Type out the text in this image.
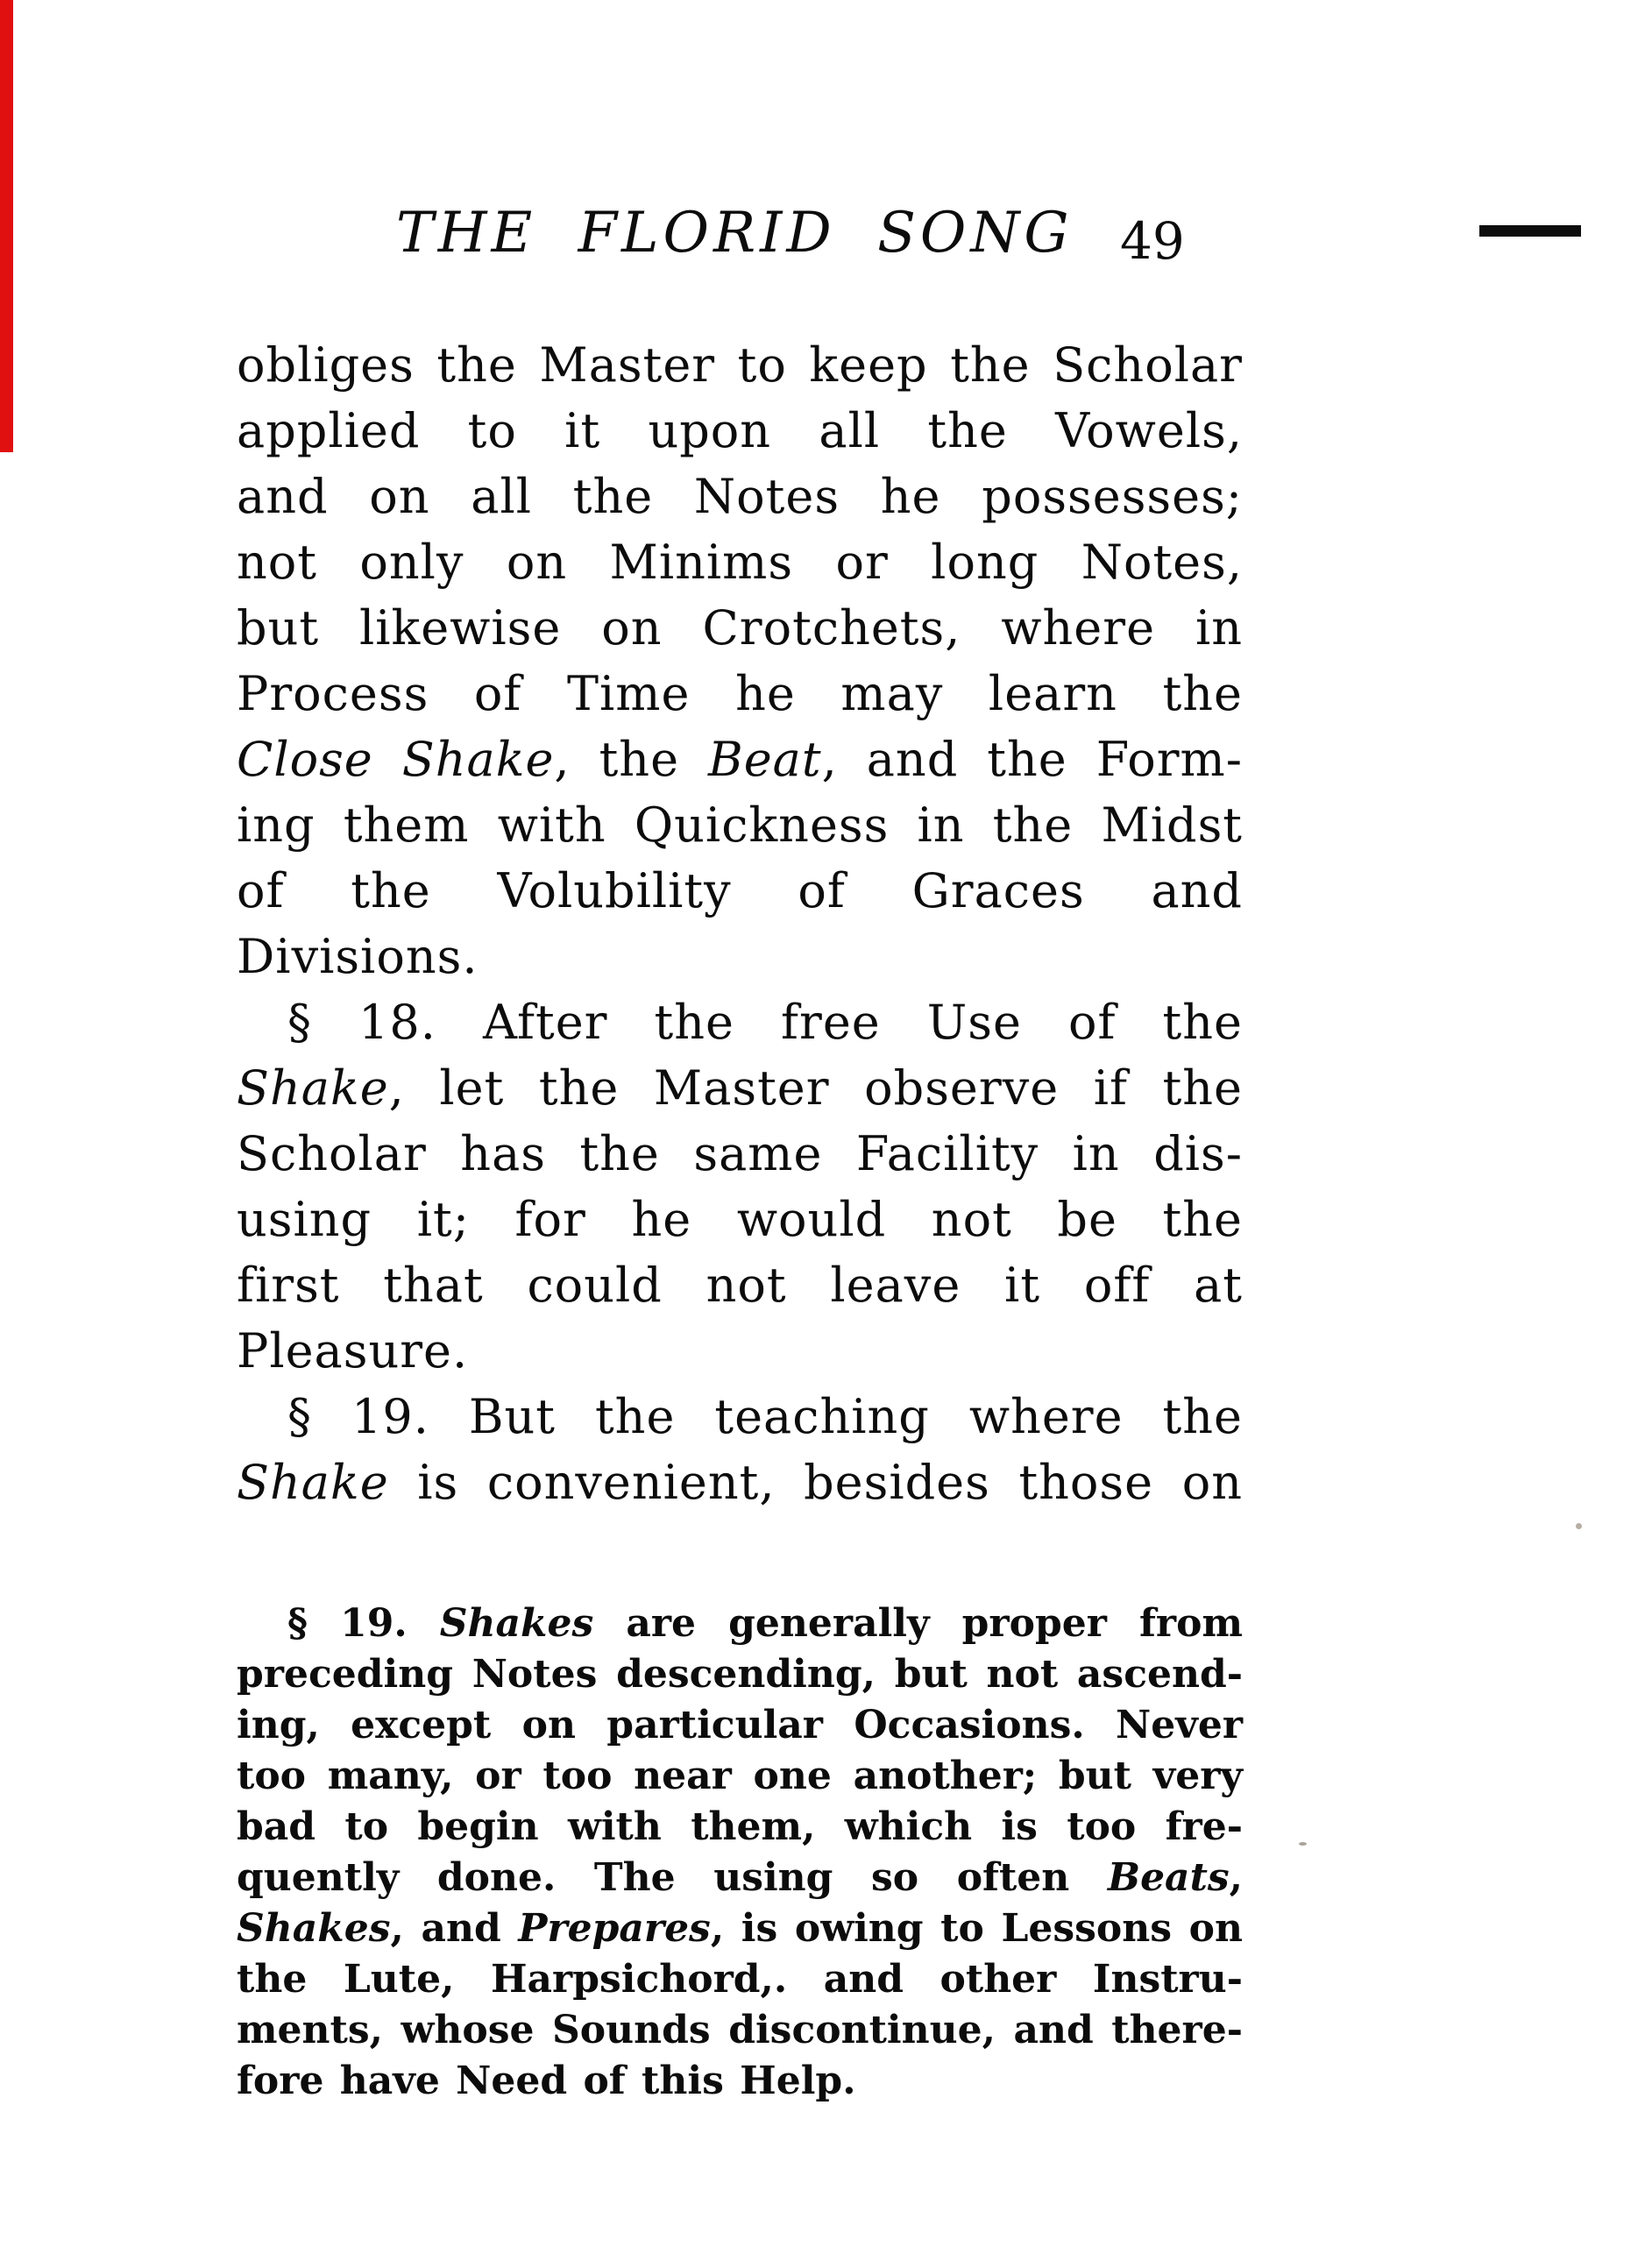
THE FLORID SONG 49
obliges the Master to keep the Scholar
applied to it upon all the Vowels,
and on all the Notes he possesses;
not only on Minims or long Notes,
but likewise on Crotchets, where in
Process of Time he may learn the
Close Shake, the Beat, and the Form-
ing them with Quickness in the Midst
of the Volubility of Graces and
Divisions.
§ 18. After the free Use of the
Shake, let the Master observe if the
Scholar has the same Facility in dis-
using it; for he would not be the
first that could not leave it off at
Pleasure.
§ 19. But the teaching where the
Shake is convenient, besides those on
§ 19. Shakes are generally proper from
preceding Notes descending, but not ascend-
ing, except on particular Occasions. Never
too many, or too near one another; but very
bad to begin with them, which is too fre-
quently done. The using so often Beats,
Shakes, and Prepares, is owing to Lessons on
the Lute, Harpsichord,. and other Instru-
ments, whose Sounds discontinue, and there-
fore have Need of this Help.
